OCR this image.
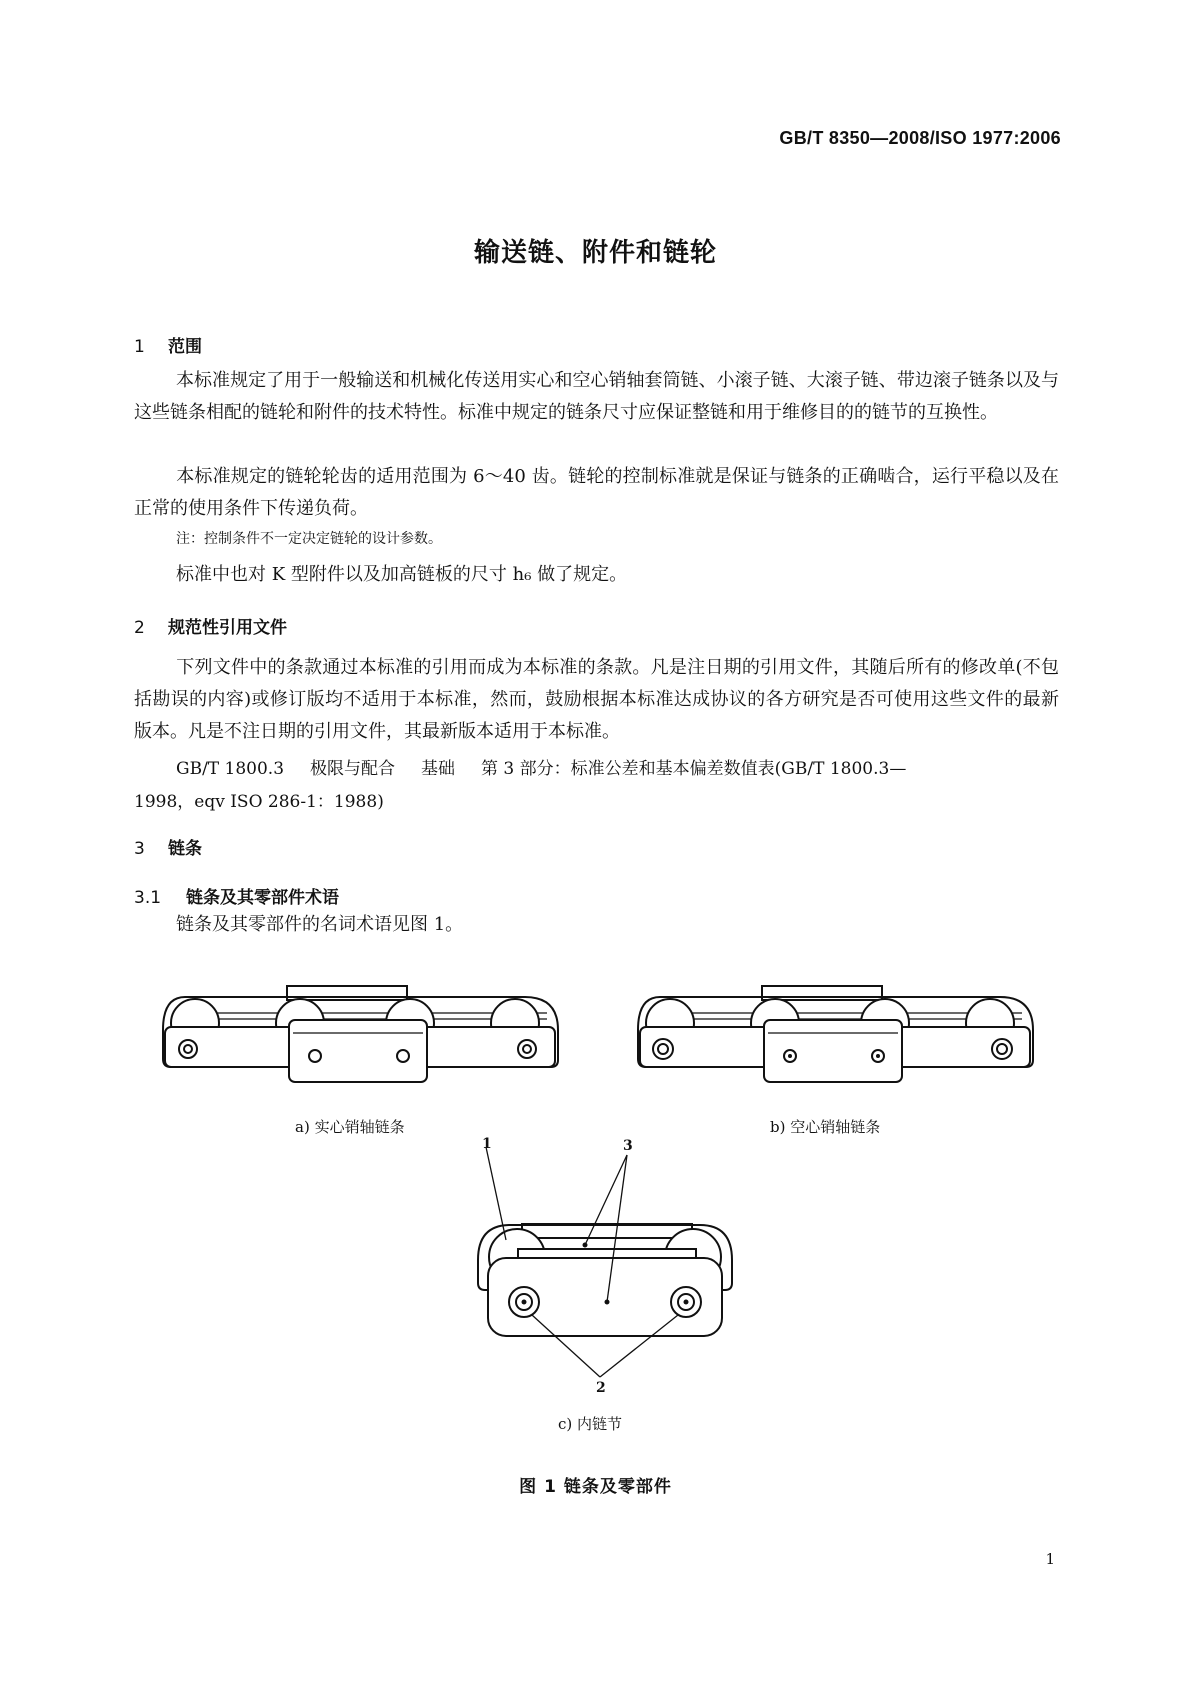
GB/T 8350—2008/ISO 1977:2006
输送链、附件和链轮
1 范围
本标准规定了用于一般输送和机械化传送用实心和空心销轴套筒链、小滚子链、大滚子链、带边滚子链条以及与这些链条相配的链轮和附件的技术特性。标准中规定的链条尺寸应保证整链和用于维修目的的链节的互换性。
本标准规定的链轮轮齿的适用范围为 6～40 齿。链轮的控制标准就是保证与链条的正确啮合，运行平稳以及在正常的使用条件下传递负荷。
注：控制条件不一定决定链轮的设计参数。
标准中也对 K 型附件以及加高链板的尺寸 h₆ 做了规定。
2 规范性引用文件
下列文件中的条款通过本标准的引用而成为本标准的条款。凡是注日期的引用文件，其随后所有的修改单(不包括勘误的内容)或修订版均不适用于本标准，然而，鼓励根据本标准达成协议的各方研究是否可使用这些文件的最新版本。凡是不注日期的引用文件，其最新版本适用于本标准。
GB/T 1800.3 极限与配合 基础 第 3 部分：标准公差和基本偏差数值表(GB/T 1800.3—
1998，eqv ISO 286-1：1988)
3 链条
3.1 链条及其零部件术语
链条及其零部件的名词术语见图 1。
a) 实心销轴链条	b) 空心销轴链条
1	3
2
c) 内链节
图 1 链条及零部件
1
